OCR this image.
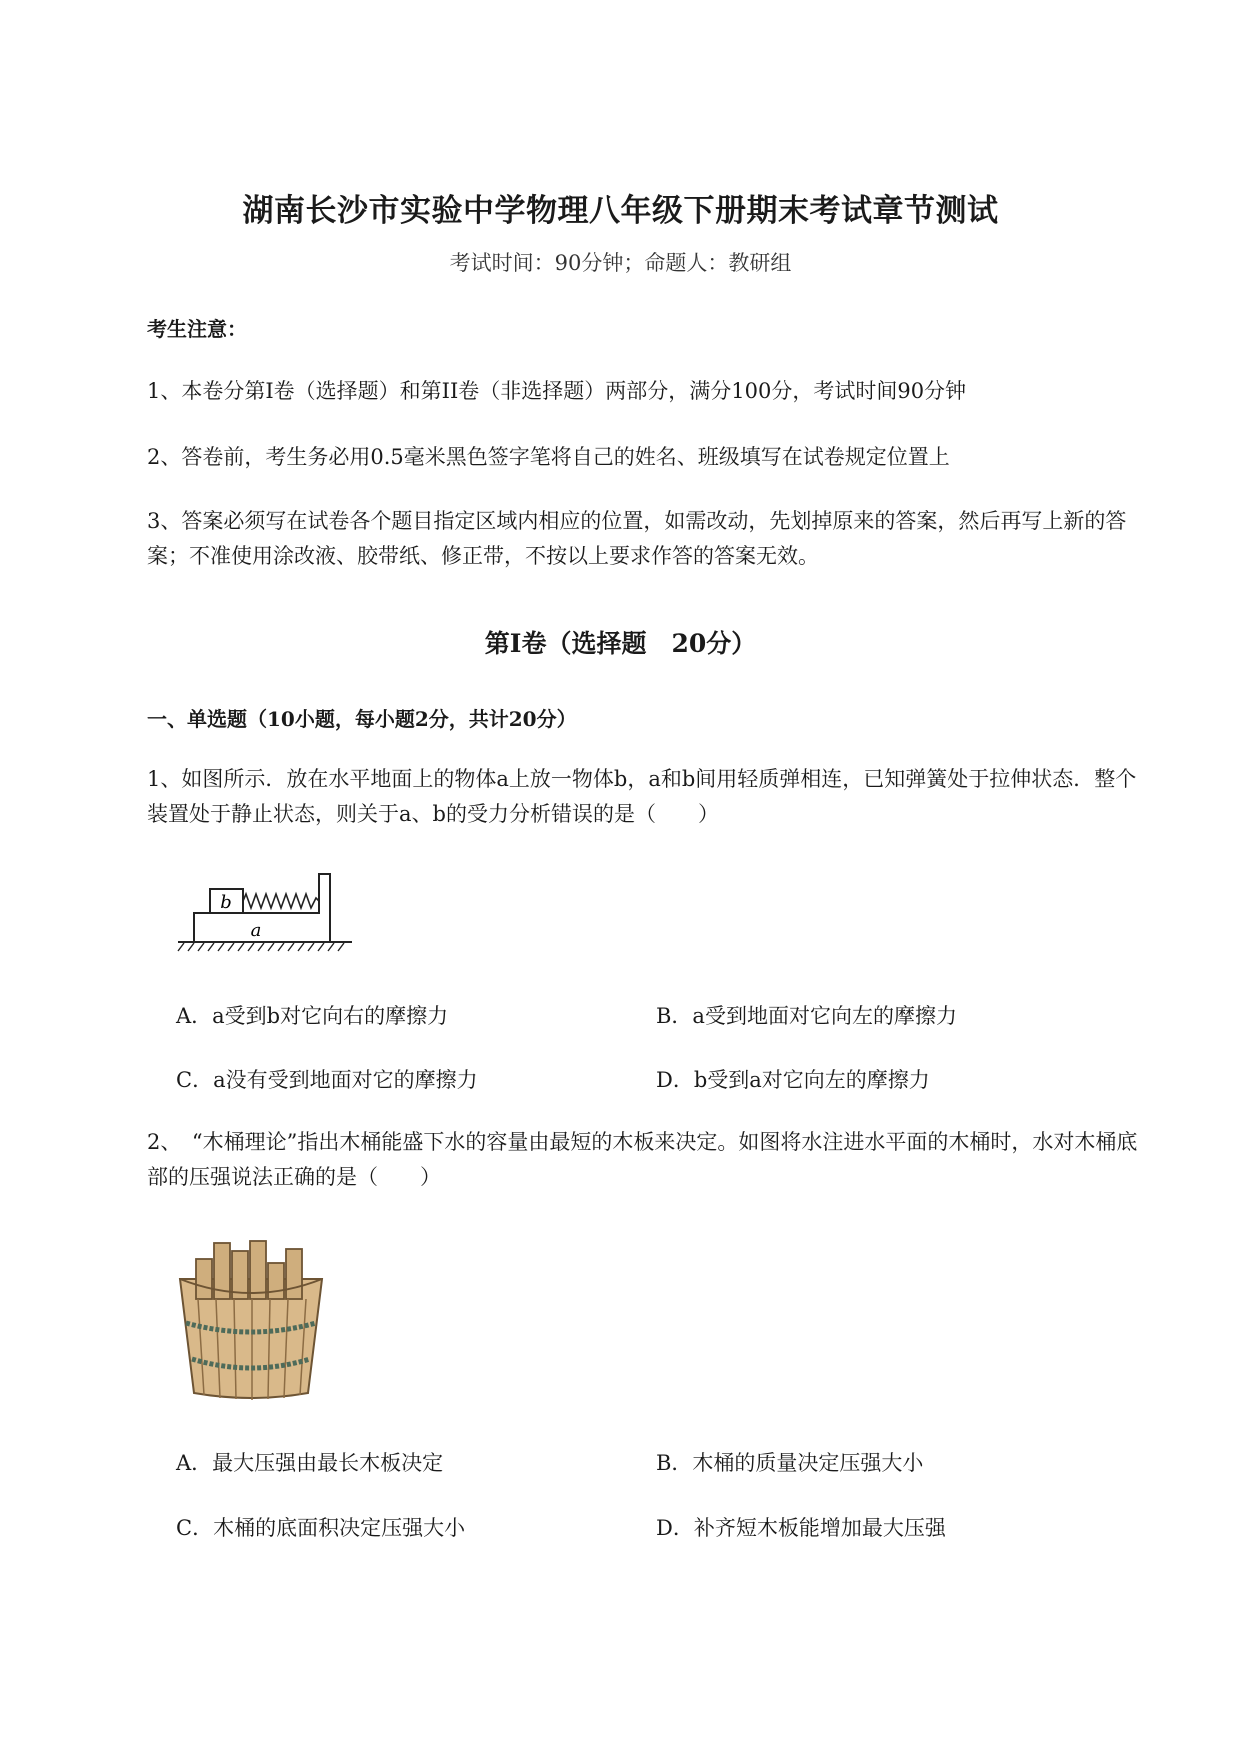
湖南长沙市实验中学物理八年级下册期末考试章节测试
考试时间：90分钟；命题人：教研组
考生注意：
1、本卷分第I卷（选择题）和第II卷（非选择题）两部分，满分100分，考试时间90分钟
2、答卷前，考生务必用0.5毫米黑色签字笔将自己的姓名、班级填写在试卷规定位置上
3、答案必须写在试卷各个题目指定区域内相应的位置，如需改动，先划掉原来的答案，然后再写上新的答案；不准使用涂改液、胶带纸、修正带，不按以上要求作答的答案无效。
第I卷（选择题　20分）
一、单选题（10小题，每小题2分，共计20分）
1、如图所示．放在水平地面上的物体a上放一物体b，a和b间用轻质弹相连，已知弹簧处于拉伸状态．整个装置处于静止状态，则关于a、b的受力分析错误的是（　　）
b
a
A．a受到b对它向右的摩擦力	B．a受到地面对它向左的摩擦力
C．a没有受到地面对它的摩擦力	D．b受到a对它向左的摩擦力
2、　“木桶理论”指出木桶能盛下水的容量由最短的木板来决定。如图将水注进水平面的木桶时，水对木桶底部的压强说法正确的是（　　）
A．最大压强由最长木板决定	B．木桶的质量决定压强大小
C．木桶的底面积决定压强大小	D．补齐短木板能增加最大压强
